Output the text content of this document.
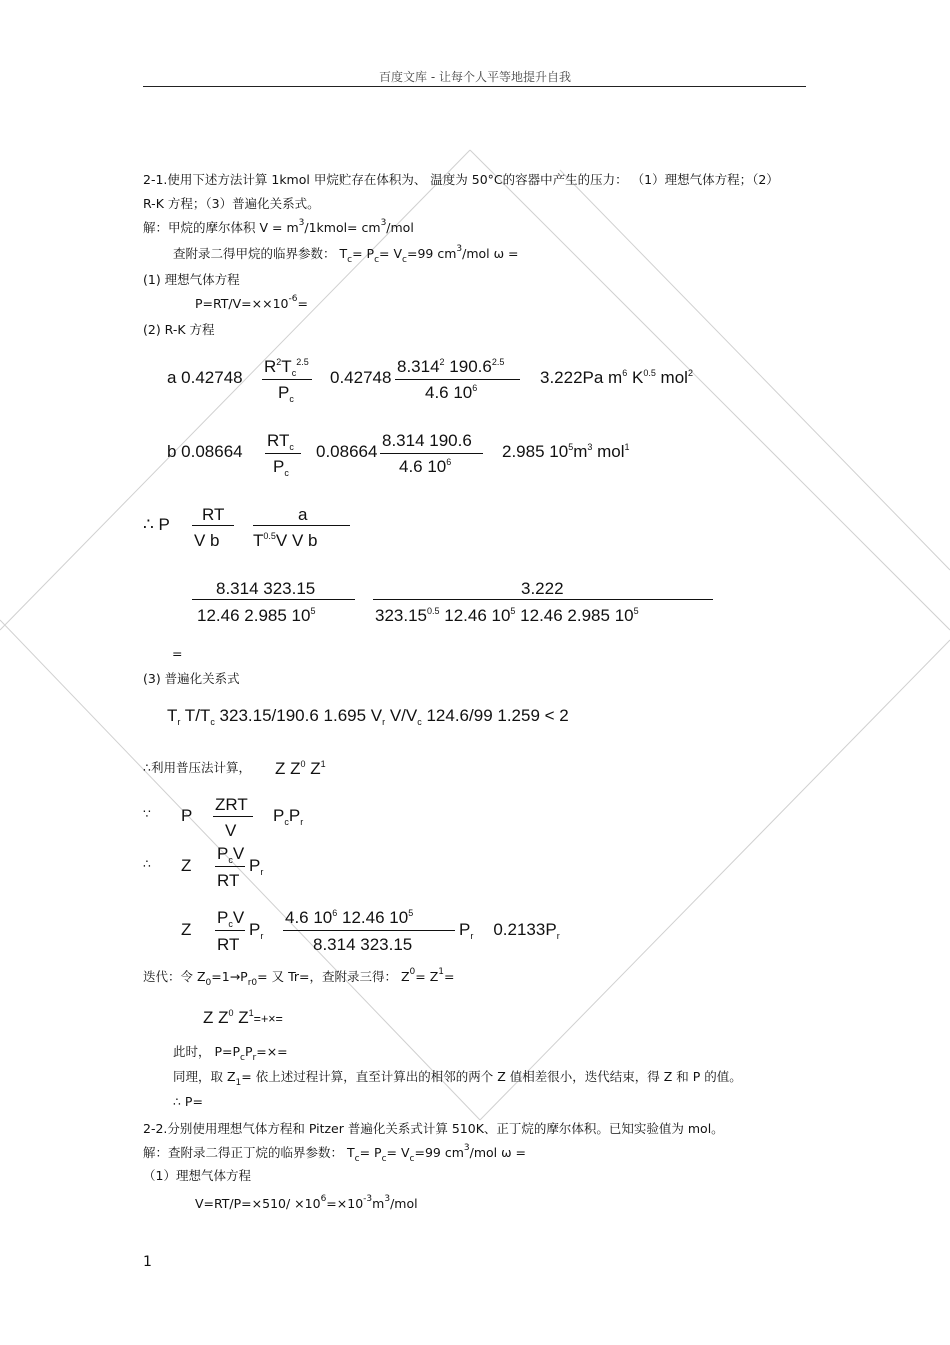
百度文库 - 让每个人平等地提升自我
2-1.使用下述方法计算 1kmol 甲烷贮存在体积为、 温度为 50°C的容器中产生的压力： （1）理想气体方程；（2）
R-K 方程；（3）普遍化关系式。
解：甲烷的摩尔体积 $V = m^3/1kmol= cm^3/mol$
查附录二得甲烷的临界参数： $T_c= P_c= V_c=99$ $cm^3$/mol ω =
(1) 理想气体方程
$P=RT/V=\times\times 10^{-6}=$
(2) R-K 方程
a 0.42748
$R^2T_c^{2.5}$
$P_c$
0.42748
8.314$^2$ $190.6^{2.5}$
4.6 $10^6$
3.222Pa $m^6$ $K^{0.5}$ mol$^2$
b 0.08664
$RT_c$
$P_c$
0.08664
8.314 190.6
4.6 $10^6$
2.985 $10^5m^3$ mol$^1$
∴ P
RT
V b
a
$T^{0.5}V$ V b
8.314 323.15
12.46 2.985 $10^5$
3.222
$323.15^{0.5}$ 12.46 $10^5$ 12.46 2.985 $10^5$
=
(3) 普遍化关系式
$T_r$ $T/T_c$ 323.15/190.6 1.695 $V_r$ $V/V_c$ 124.6/99 1.259 < 2
∴利用普压法计算， Z $Z^0$ $Z^1$
∵ P
ZRT
V
$P_cP_r$
∴ Z
$P_cV$
RT
$P_r$
Z
$P_cV$
RT
$P_r$
4.6 $10^6$ 12.46 $10^5$
8.314 323.15
$P_r$ $0.2133P_r$
迭代：令 $Z_0=1\to P_{r0}=$ 又 Tr=，查附录三得： $Z^0= Z^1=$
Z $Z^0$ $Z^1=+\times=$
此时， $P=P_cP_r=\times=$
同理，取 $Z_1=$ 依上述过程计算，直至计算出的相邻的两个 Z 值相差很小，迭代结束，得 Z 和 P 的值。
∴ P=
2-2.分别使用理想气体方程和 Pitzer 普遍化关系式计算 510K、正丁烷的摩尔体积。已知实验值为 mol。
解：查附录二得正丁烷的临界参数： $T_c= P_c= V_c=99$ $cm^3$/mol ω =
（1）理想气体方程
$V=RT/P=\times 510/ \times 10^6=\times 10^{-3}m^3$/mol
1
